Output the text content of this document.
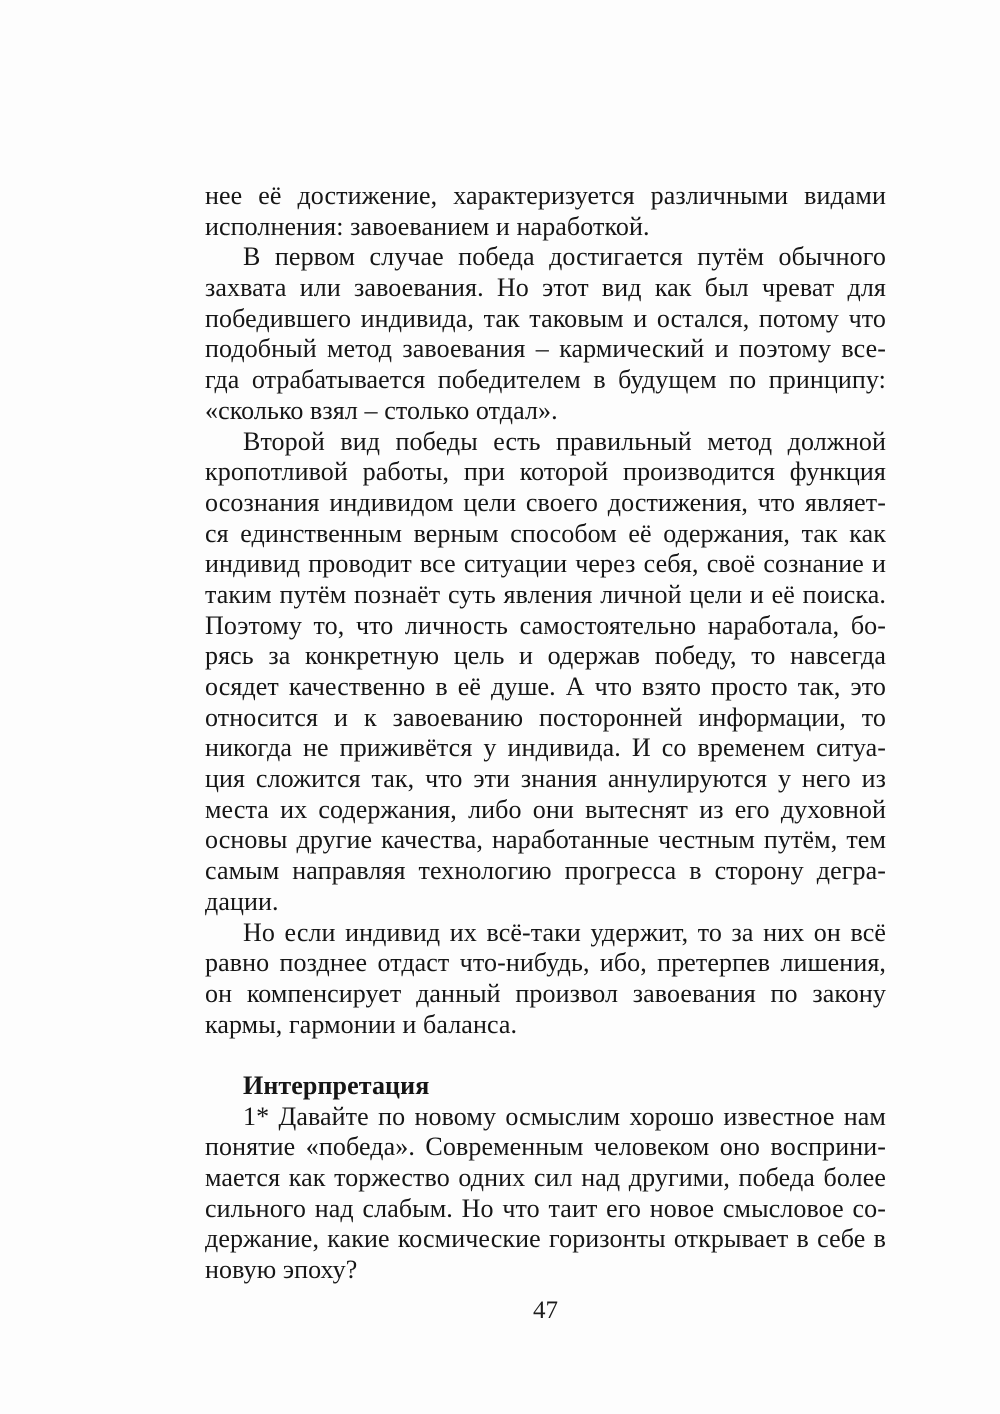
нее её достижение, характеризуется различными видами
исполнения: завоеванием и наработкой.
В первом случае победа достигается путём обычного
захвата или завоевания. Но этот вид как был чреват для
победившего индивида, так таковым и остался, потому что
подобный метод завоевания – кармический и поэтому все-
гда отрабатывается победителем в будущем по принципу:
«сколько взял – столько отдал».
Второй вид победы есть правильный метод должной
кропотливой работы, при которой производится функция
осознания индивидом цели своего достижения, что являет-
ся единственным верным способом её одержания, так как
индивид проводит все ситуации через себя, своё сознание и
таким путём познаёт суть явления личной цели и её поиска.
Поэтому то, что личность самостоятельно наработала, бо-
рясь за конкретную цель и одержав победу, то навсегда
осядет качественно в её душе. А что взято просто так, это
относится и к завоеванию посторонней информации, то
никогда не приживётся у индивида. И со временем ситуа-
ция сложится так, что эти знания аннулируются у него из
места их содержания, либо они вытеснят из его духовной
основы другие качества, наработанные честным путём, тем
самым направляя технологию прогресса в сторону дегра-
дации.
Но если индивид их всё-таки удержит, то за них он всё
равно позднее отдаст что-нибудь, ибо, претерпев лишения,
он компенсирует данный произвол завоевания по закону
кармы, гармонии и баланса.
Интерпретация
1* Давайте по новому осмыслим хорошо известное нам
понятие «победа». Современным человеком оно восприни-
мается как торжество одних сил над другими, победа более
сильного над слабым. Но что таит его новое смысловое со-
держание, какие космические горизонты открывает в себе в
новую эпоху?
47
